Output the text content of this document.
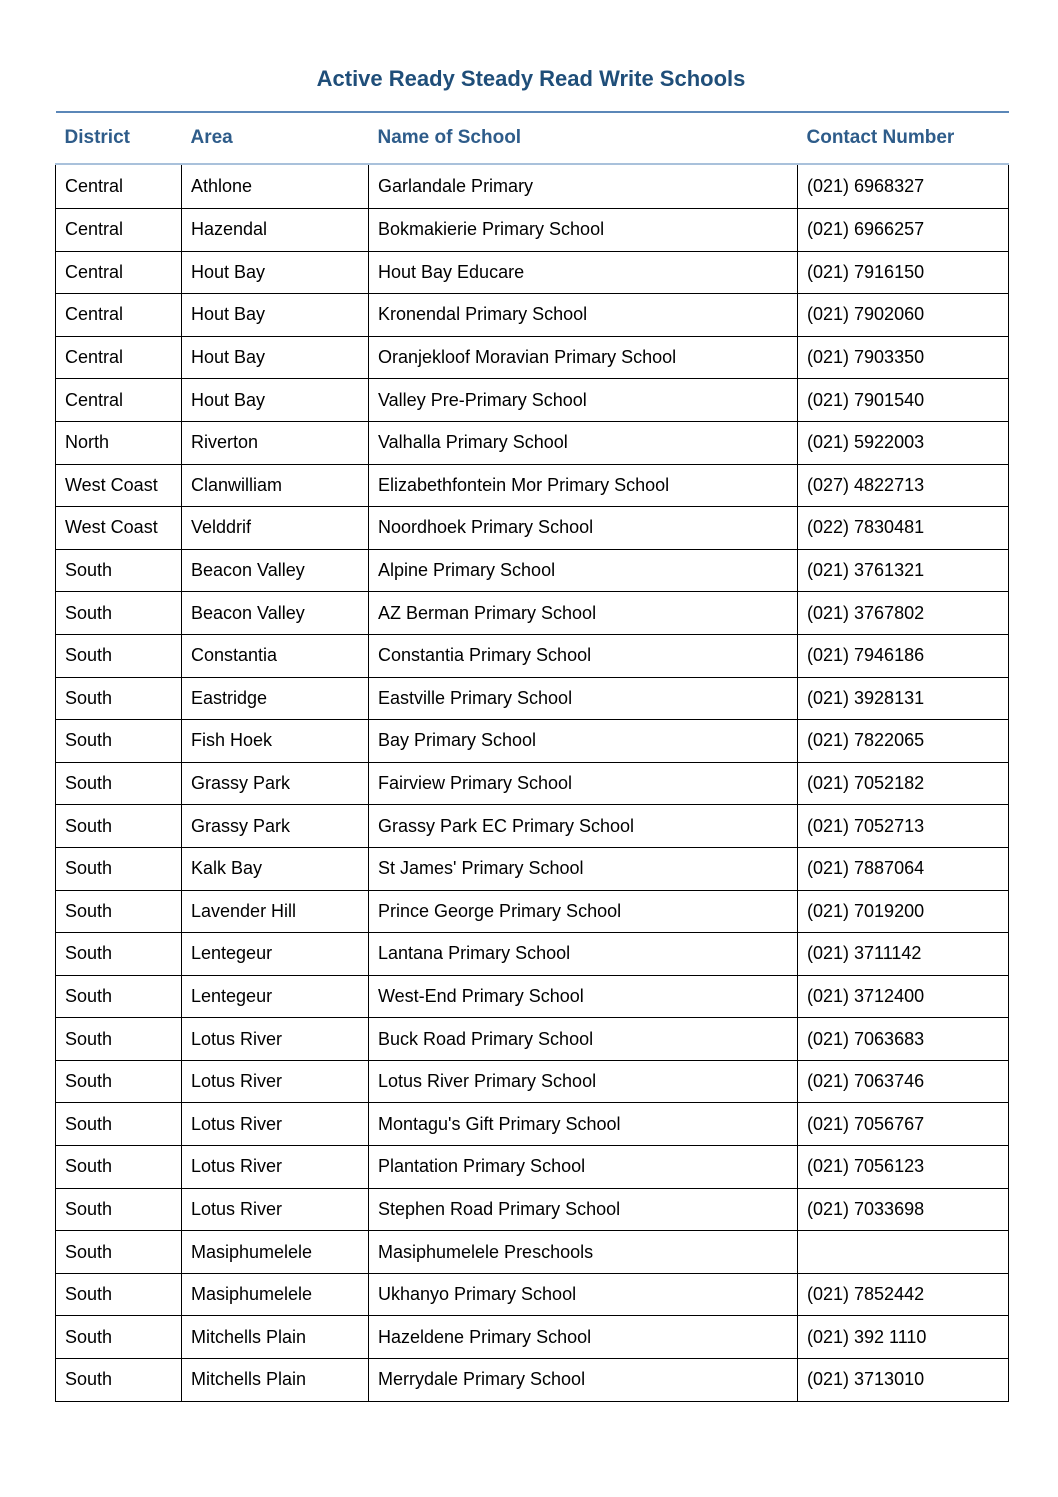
Active Ready Steady Read Write Schools
District	Area	Name of School	Contact Number
Central	Athlone	Garlandale Primary	(021) 6968327
Central	Hazendal	Bokmakierie Primary School	(021) 6966257
Central	Hout Bay	Hout Bay Educare	(021) 7916150
Central	Hout Bay	Kronendal Primary School	(021) 7902060
Central	Hout Bay	Oranjekloof Moravian Primary School	(021) 7903350
Central	Hout Bay	Valley Pre-Primary School	(021) 7901540
North	Riverton	Valhalla Primary School	(021) 5922003
West Coast	Clanwilliam	Elizabethfontein Mor Primary School	(027) 4822713
West Coast	Velddrif	Noordhoek Primary School	(022) 7830481
South	Beacon Valley	Alpine Primary School	(021) 3761321
South	Beacon Valley	AZ Berman Primary School	(021) 3767802
South	Constantia	Constantia Primary School	(021) 7946186
South	Eastridge	Eastville Primary School	(021) 3928131
South	Fish Hoek	Bay Primary School	(021) 7822065
South	Grassy Park	Fairview Primary School	(021) 7052182
South	Grassy Park	Grassy Park EC Primary School	(021) 7052713
South	Kalk Bay	St James' Primary School	(021) 7887064
South	Lavender Hill	Prince George Primary School	(021) 7019200
South	Lentegeur	Lantana Primary School	(021) 3711142
South	Lentegeur	West-End Primary School	(021) 3712400
South	Lotus River	Buck Road Primary School	(021) 7063683
South	Lotus River	Lotus River Primary School	(021) 7063746
South	Lotus River	Montagu's Gift Primary School	(021) 7056767
South	Lotus River	Plantation Primary School	(021) 7056123
South	Lotus River	Stephen Road Primary School	(021) 7033698
South	Masiphumelele	Masiphumelele Preschools	
South	Masiphumelele	Ukhanyo Primary School	(021) 7852442
South	Mitchells Plain	Hazeldene Primary School	(021) 392 1110
South	Mitchells Plain	Merrydale Primary School	(021) 3713010
